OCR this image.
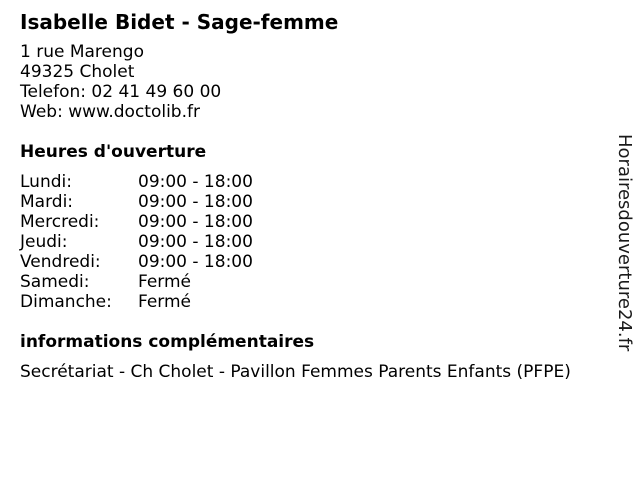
Isabelle Bidet - Sage-femme
1 rue Marengo
49325 Cholet
Telefon: 02 41 49 60 00
Web: www.doctolib.fr
Heures d'ouverture
Lundi:	09:00 - 18:00
Mardi:	09:00 - 18:00
Mercredi: 09:00 - 18:00
Jeudi:	09:00 - 18:00
Vendredi: 09:00 - 18:00
Samedi:	Fermé
Dimanche: Fermé
informations complémentaires
Secrétariat - Ch Cholet - Pavillon Femmes Parents Enfants (PFPE)
Horairesdouverture24.fr
